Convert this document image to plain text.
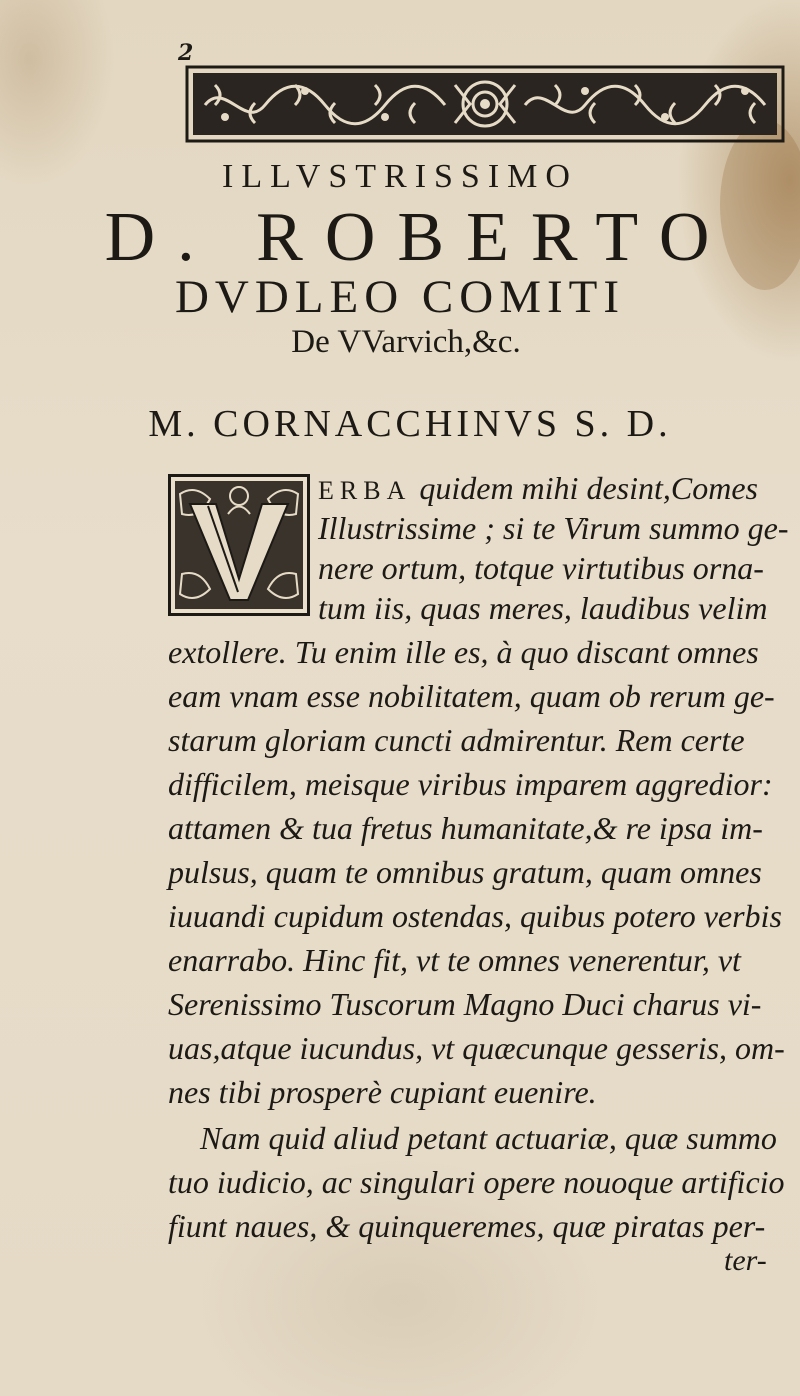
2
ILLVSTRISSIMO
D. ROBERTO
DVDLEO COMITI
De VVarvich,&c.
M. CORNACCHINVS S. D.
ERBA quidem mihi desint,Comes
Illustrissime ; si te Virum summo ge-
nere ortum, totque virtutibus orna-
tum iis, quas meres, laudibus velim
extollere. Tu enim ille es, à quo discant omnes
eam vnam esse nobilitatem, quam ob rerum ge-
starum gloriam cuncti admirentur. Rem certe
difficilem, meisque viribus imparem aggredior:
attamen & tua fretus humanitate,& re ipsa im-
pulsus, quam te omnibus gratum, quam omnes
iuuandi cupidum ostendas, quibus potero verbis
enarrabo. Hinc fit, vt te omnes venerentur, vt
Serenissimo Tuscorum Magno Duci charus vi-
uas,atque iucundus, vt quæcunque gesseris, om-
nes tibi prosperè cupiant euenire.
Nam quid aliud petant actuariæ, quæ summo
tuo iudicio, ac singulari opere nouoque artificio
fiunt naues, & quinqueremes, quæ piratas per-
ter-
